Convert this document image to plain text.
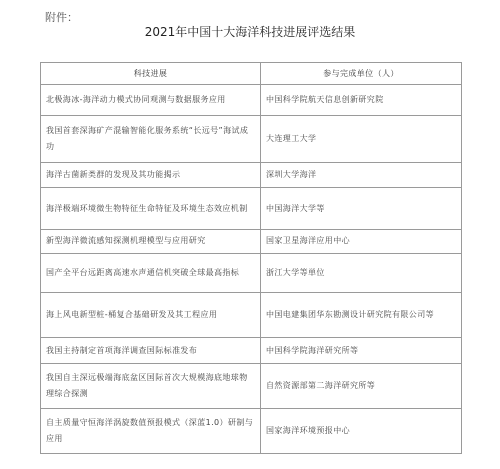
附件：
2021年中国十大海洋科技进展评选结果
科技进展	参与完成单位（人）
北极海冰-海洋动力模式协同观测与数据服务应用	中国科学院航天信息创新研究院
我国首套深海矿产混输智能化服务系统“长远号”海试成功	大连理工大学
海洋古菌新类群的发现及其功能揭示	深圳大学海洋
海洋极端环境微生物特征生命特征及环境生态效应机制	中国海洋大学等
新型海洋微流感知探测机理模型与应用研究	国家卫星海洋应用中心
国产全平台远距离高速水声通信机突破全球最高指标	浙江大学等単位
海上风电新型桩-桶复合基础研发及其工程应用	中国电建集团华东勘测设计研究院有限公司等
我国主持制定首项海洋调查国际标准发布	中国科学院海洋研究所等
我国自主深远极端海底盆区国际首次大规模海底地球物理综合探测	自然资源部第二海洋研究所等
自主质量守恒海洋涡旋数值预报模式（深蓝1.0）研制与应用	国家海洋环境预报中心
